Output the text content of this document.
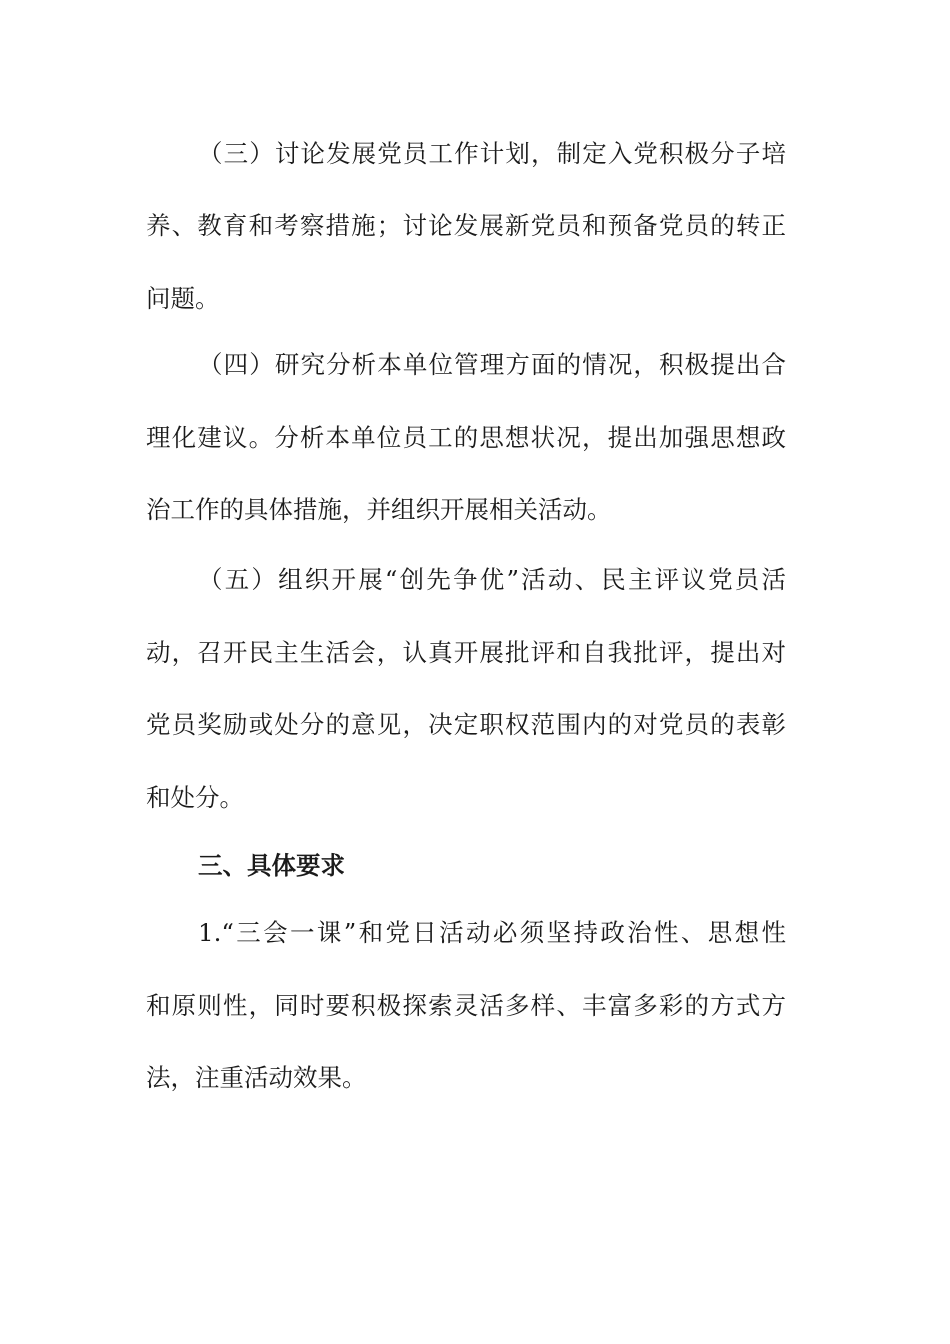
（三）讨论发展党员工作计划，制定入党积极分子培
养、教育和考察措施；讨论发展新党员和预备党员的转正
问题。
（四）研究分析本单位管理方面的情况，积极提出合
理化建议。分析本单位员工的思想状况，提出加强思想政
治工作的具体措施，并组织开展相关活动。
（五）组织开展“创先争优”活动、民主评议党员活
动，召开民主生活会，认真开展批评和自我批评，提出对
党员奖励或处分的意见，决定职权范围内的对党员的表彰
和处分。
三、具体要求
1.“三会一课”和党日活动必须坚持政治性、思想性
和原则性，同时要积极探索灵活多样、丰富多彩的方式方
法，注重活动效果。
